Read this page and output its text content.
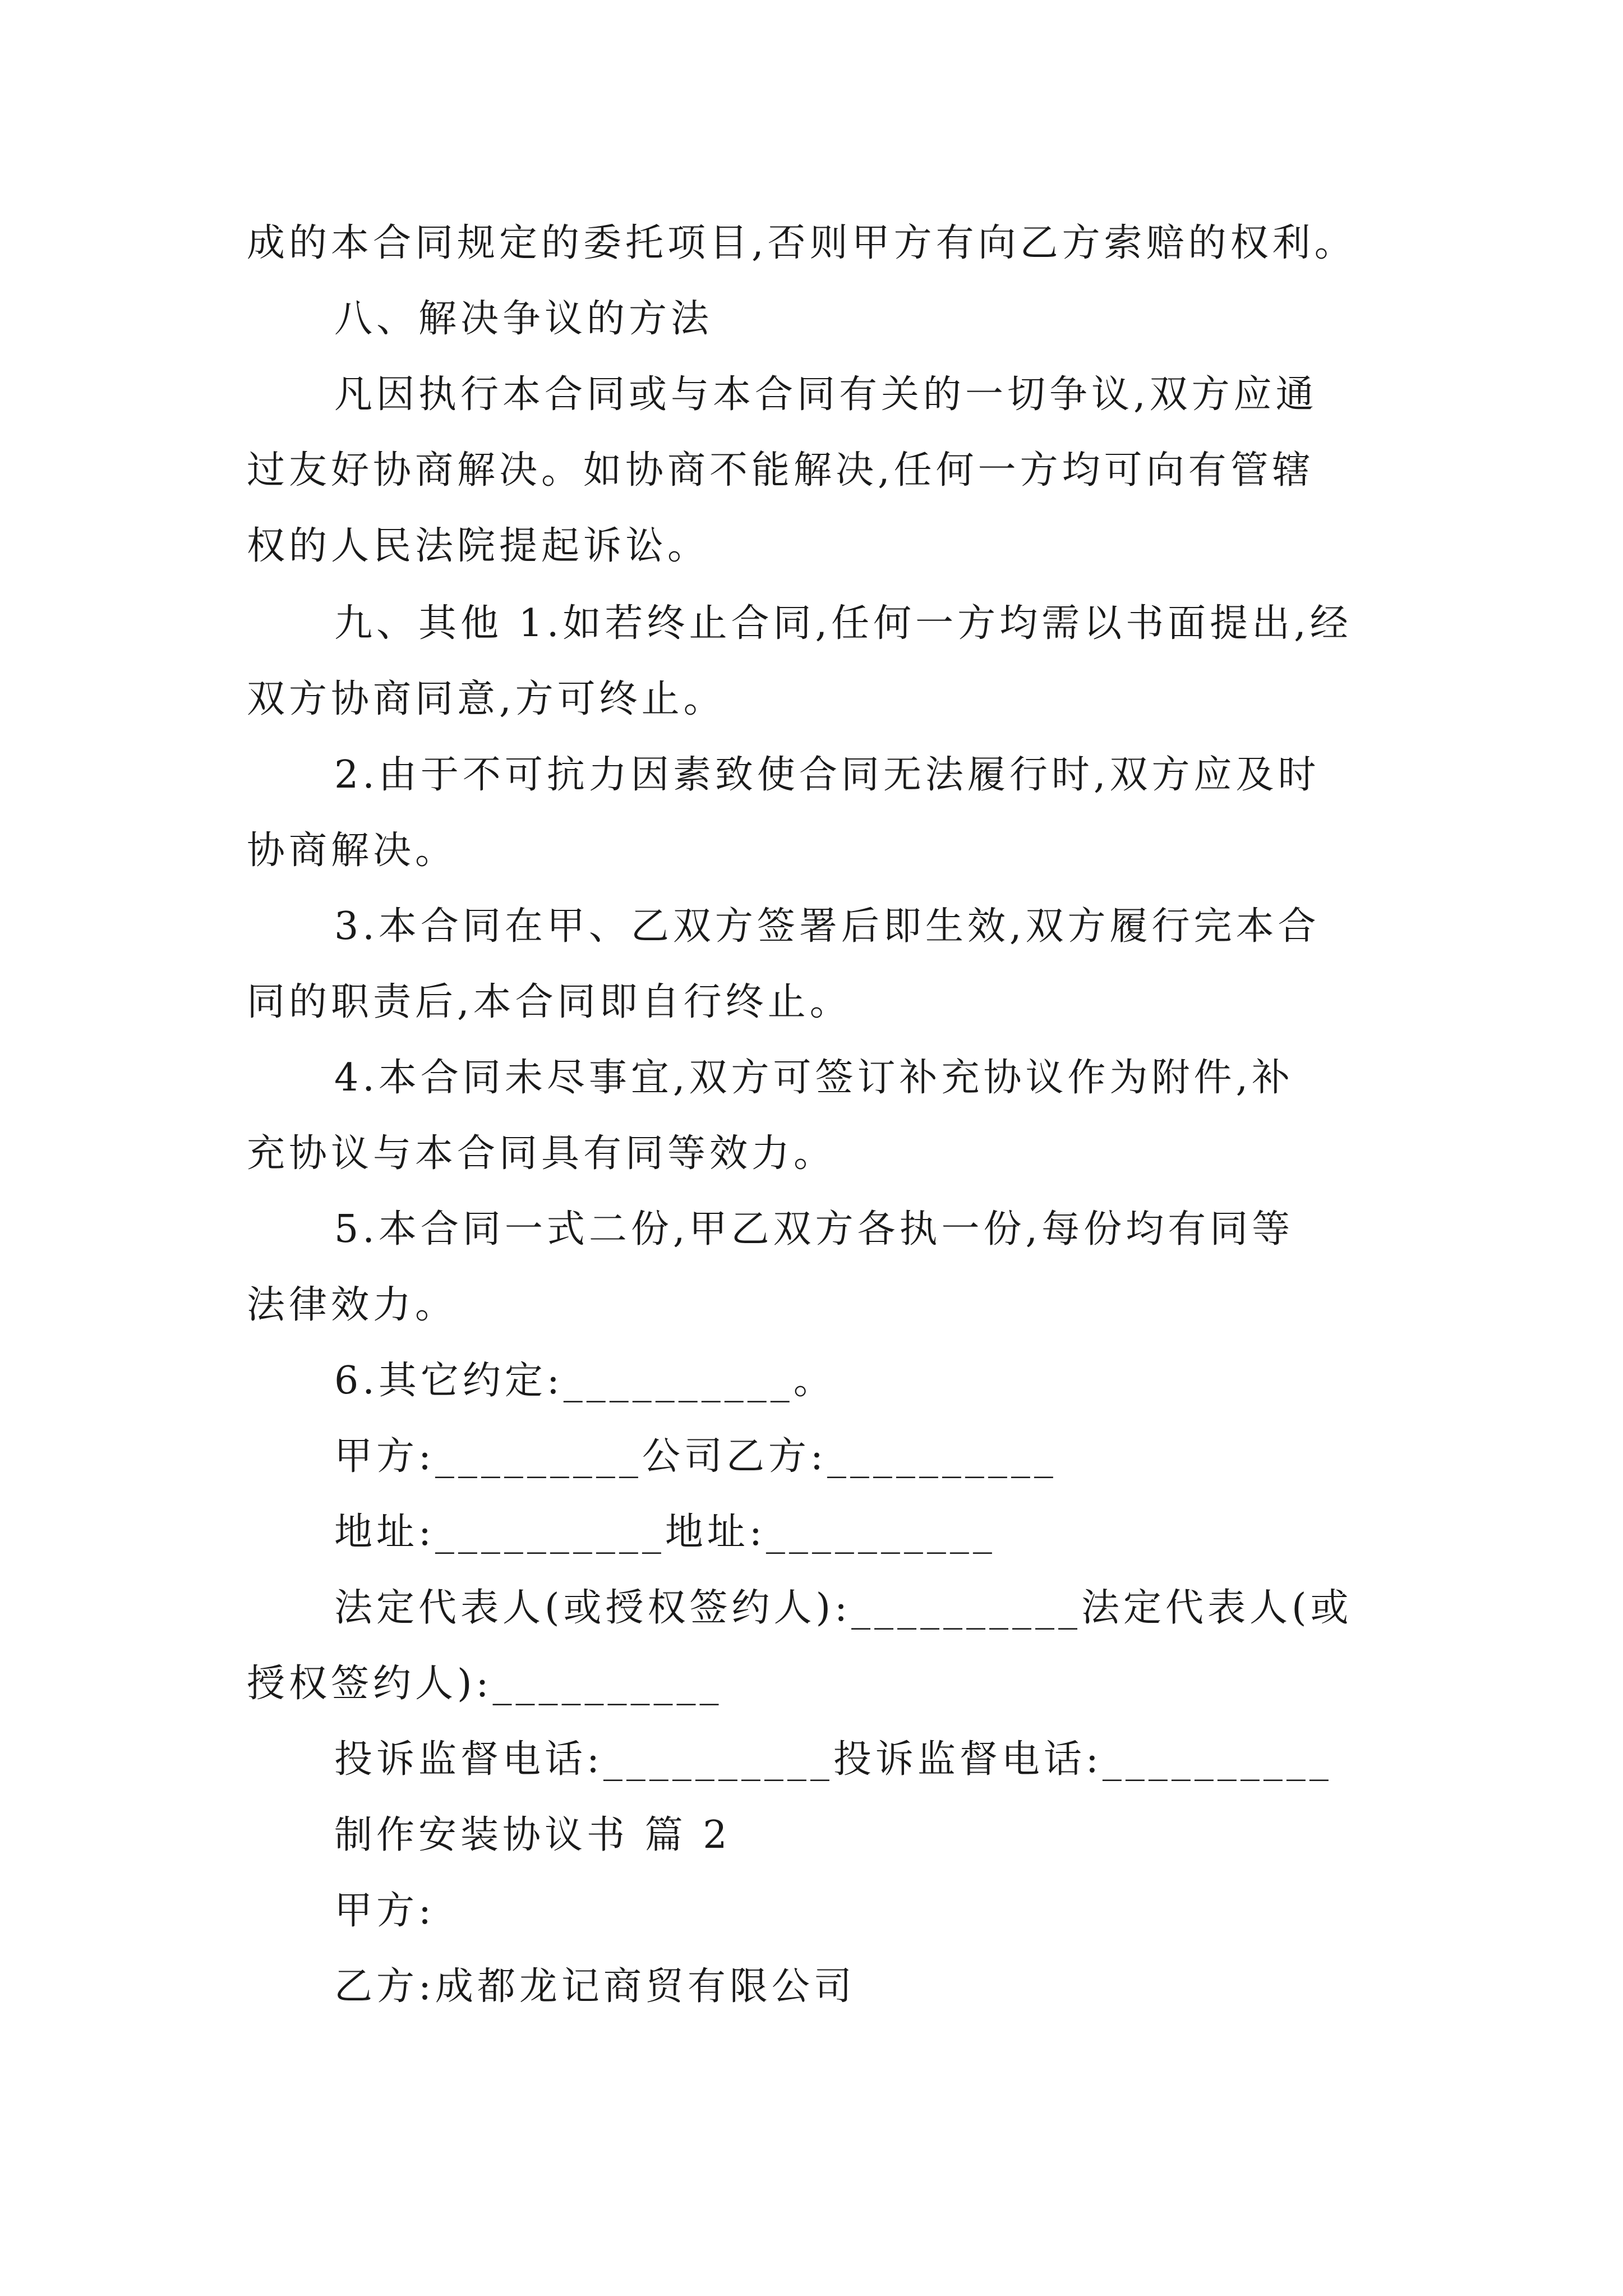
成的本合同规定的委托项目,否则甲方有向乙方索赔的权利。
八、解决争议的方法
凡因执行本合同或与本合同有关的一切争议,双方应通
过友好协商解决。如协商不能解决,任何一方均可向有管辖
权的人民法院提起诉讼。
九、其他 1.如若终止合同,任何一方均需以书面提出,经
双方协商同意,方可终止。
2.由于不可抗力因素致使合同无法履行时,双方应及时
协商解决。
3.本合同在甲、乙双方签署后即生效,双方履行完本合
同的职责后,本合同即自行终止。
4.本合同未尽事宜,双方可签订补充协议作为附件,补
充协议与本合同具有同等效力。
5.本合同一式二份,甲乙双方各执一份,每份均有同等
法律效力。
6.其它约定:__________。
甲方:_________公司乙方:__________
地址:__________地址:__________
法定代表人(或授权签约人):__________法定代表人(或
授权签约人):__________
投诉监督电话:__________投诉监督电话:__________
制作安装协议书 篇 2
甲方:
乙方:成都龙记商贸有限公司
